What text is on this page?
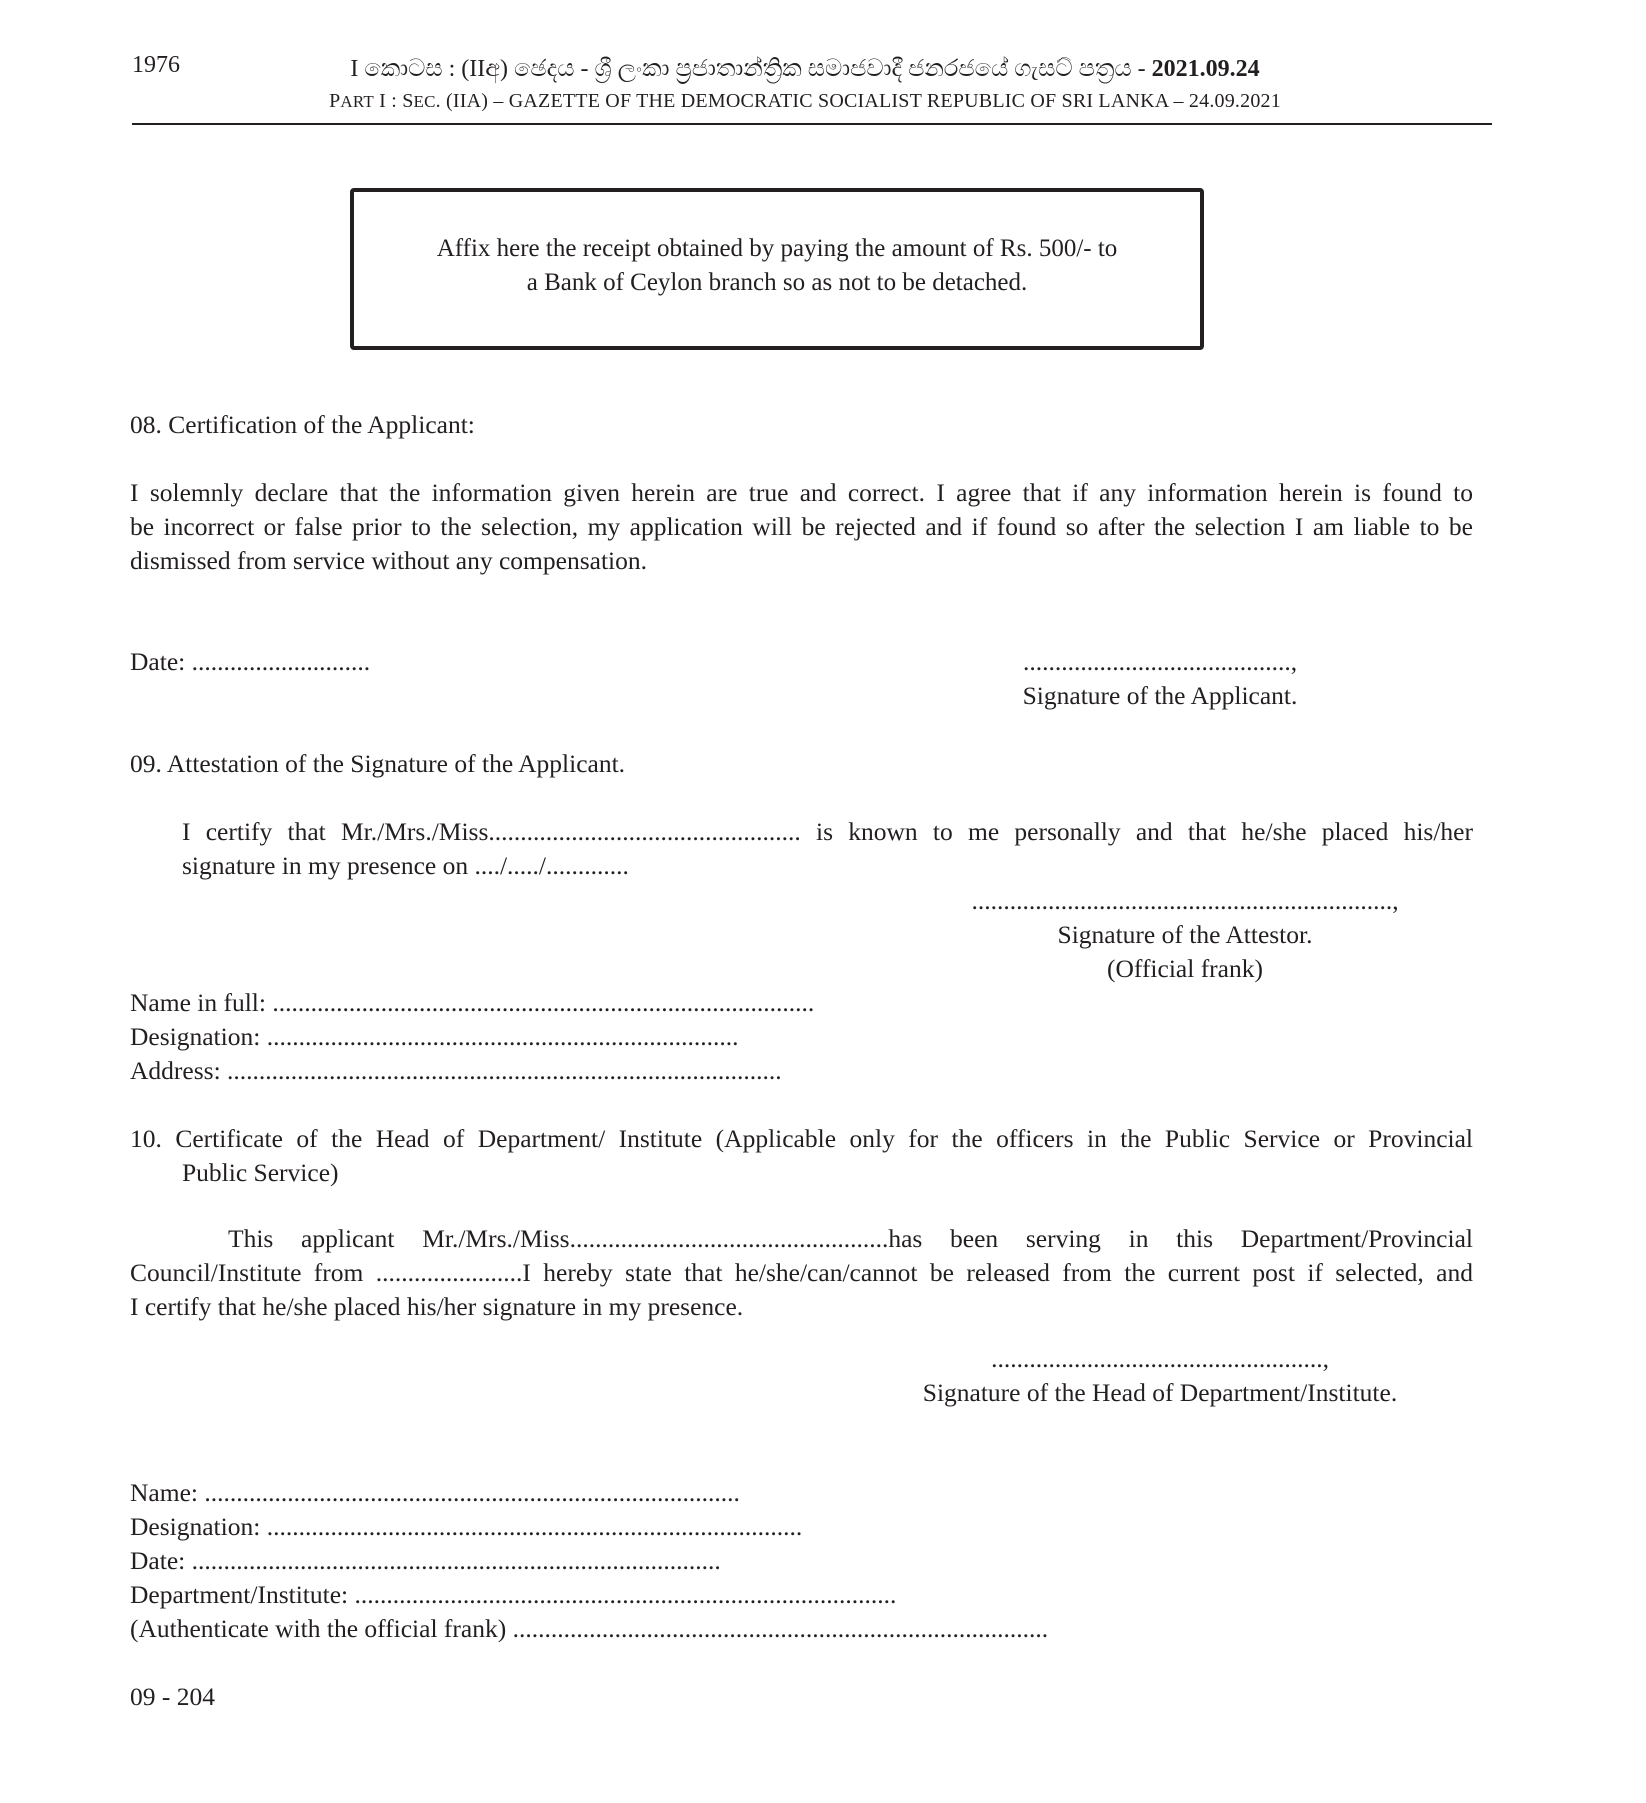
1976	I කොටස : (IIඅ) ඡෙදය - ශ්‍රී ලංකා ප්‍රජාතාන්ත්‍රික සමාජවාදී ජනරජයේ ගැසට් පත්‍රය - 2021.09.24
PART I : SEC. (IIA) – GAZETTE OF THE DEMOCRATIC SOCIALIST REPUBLIC OF SRI LANKA – 24.09.2021
Affix here the receipt obtained by paying the amount of Rs. 500/- to
a Bank of Ceylon branch so as not to be detached.
08. Certification of the Applicant:
I solemnly declare that the information given herein are true and correct. I agree that if any information herein is found to
be incorrect or false prior to the selection, my application will be rejected and if found so after the selection I am liable to be
dismissed from service without any compensation.
Date: ............................	..........................................,
Signature of the Applicant.
09. Attestation of the Signature of the Applicant.
I certify that Mr./Mrs./Miss................................................. is known to me personally and that he/she placed his/her
signature in my presence on ..../...../.............
..................................................................,
Signature of the Attestor.
(Official frank)
Name in full: .....................................................................................
Designation: ..........................................................................
Address: .......................................................................................
10. Certificate of the Head of Department/ Institute (Applicable only for the officers in the Public Service or Provincial
Public Service)
This applicant Mr./Mrs./Miss..................................................has been serving in this Department/Provincial
Council/Institute from .......................I hereby state that he/she/can/cannot be released from the current post if selected, and
I certify that he/she placed his/her signature in my presence.
....................................................,
Signature of the Head of Department/Institute.
Name: ....................................................................................
Designation: ....................................................................................
Date: ...................................................................................
Department/Institute: .....................................................................................
(Authenticate with the official frank) ....................................................................................
09 - 204
